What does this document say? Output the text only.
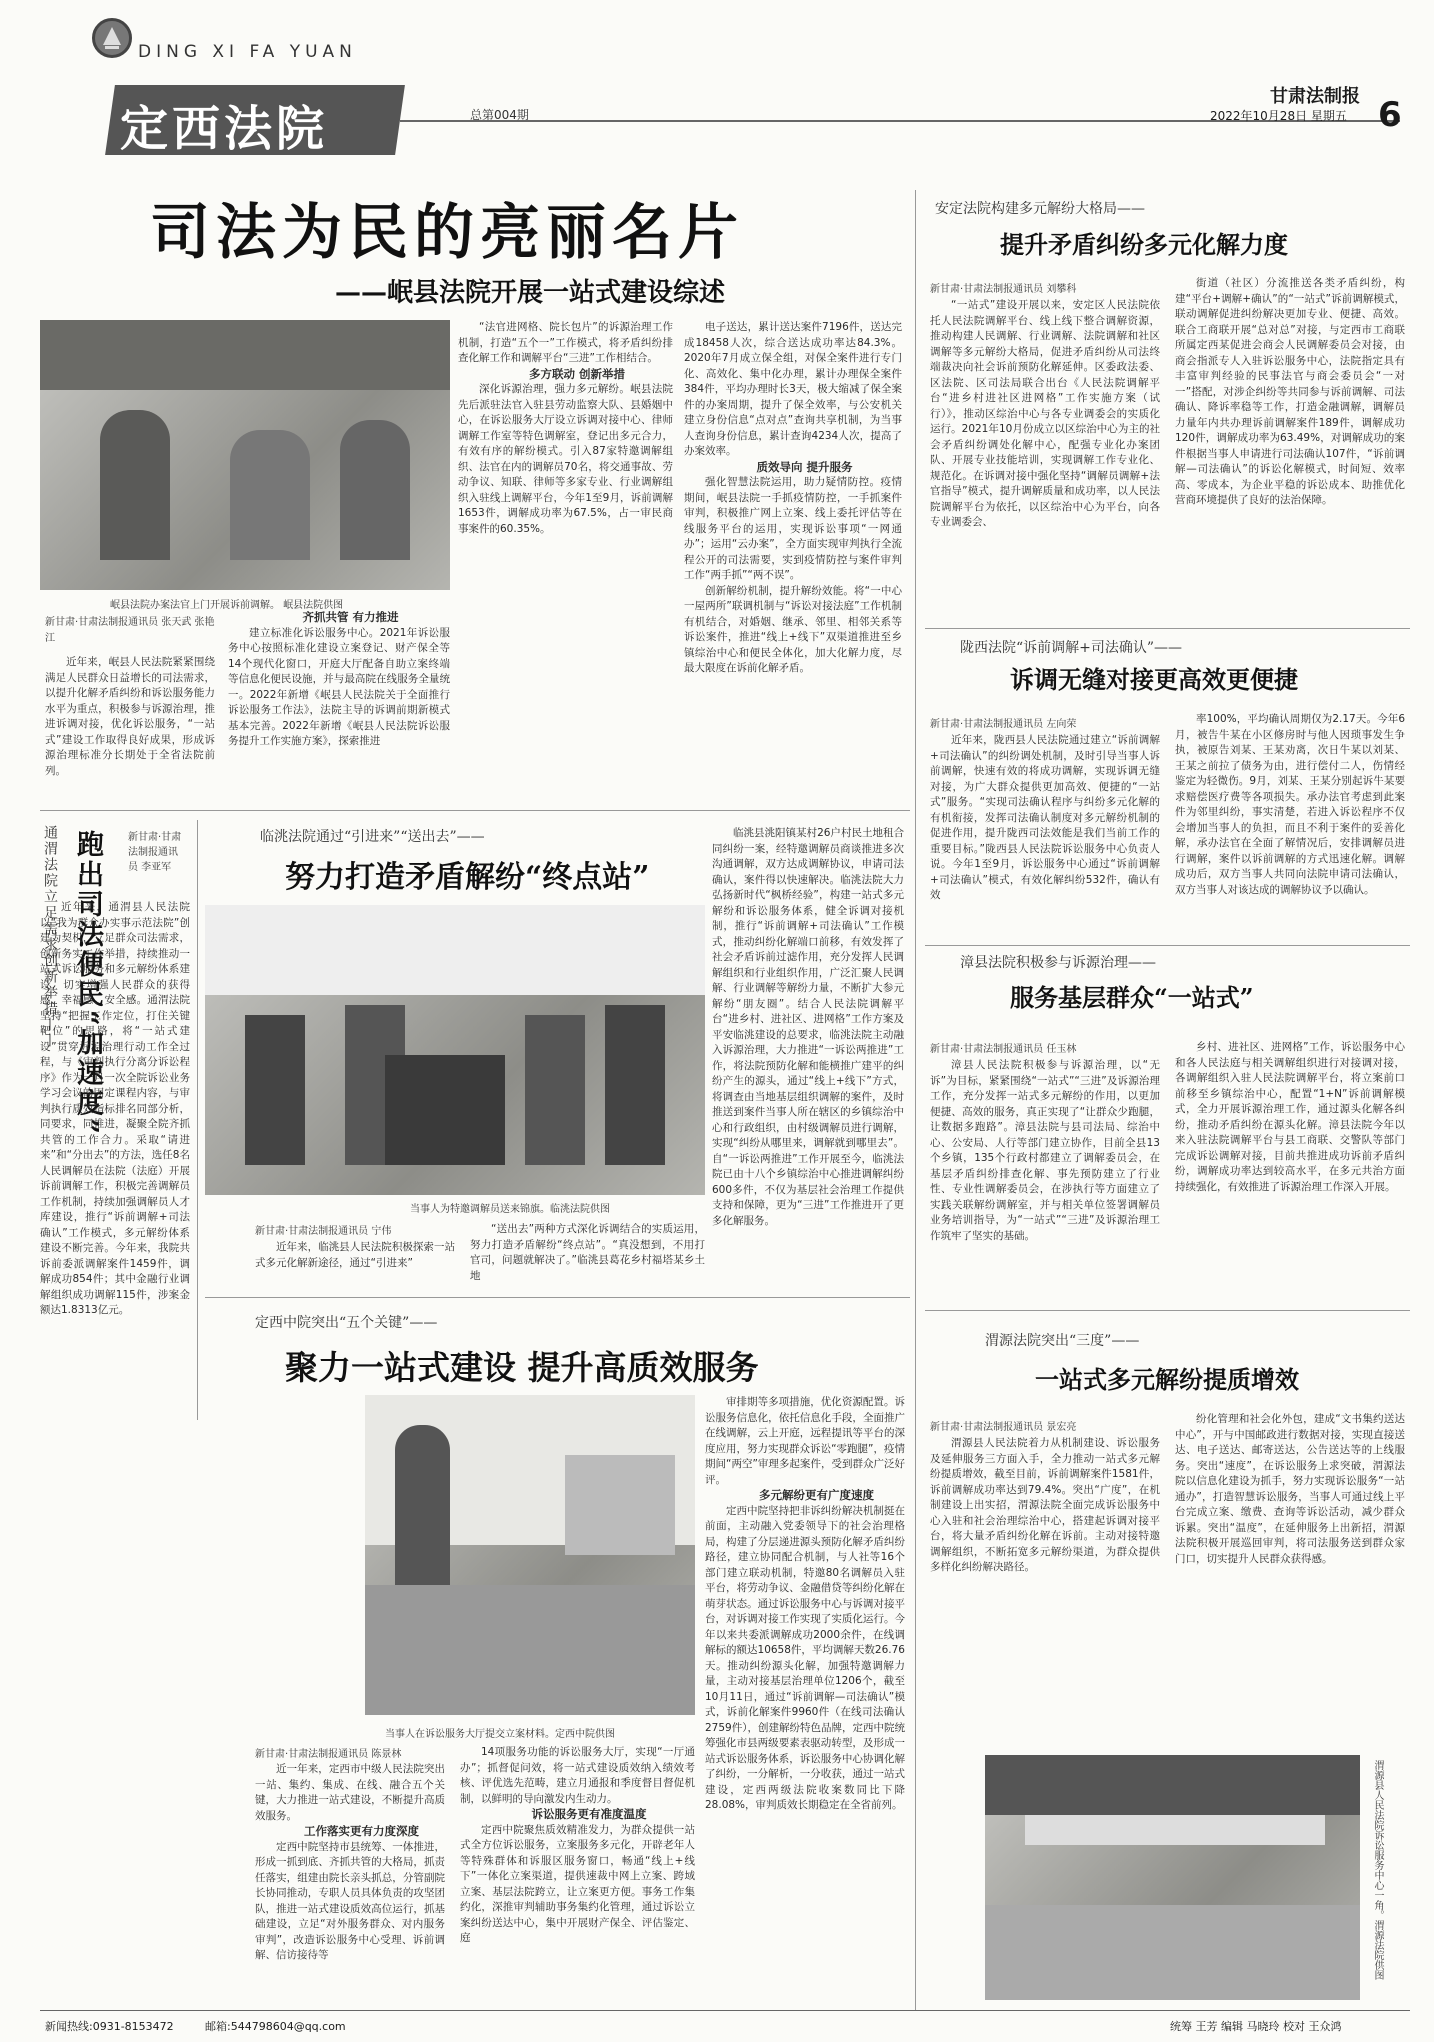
DING XI FA YUAN
定西法院	总第004期
甘肃法制报
2022年10月28日 星期五 6
司法为民的亮丽名片
——岷县法院开展一站式建设综述
岷县法院办案法官上门开展诉前调解。 岷县法院供图
新甘肃·甘肃法制报通讯员 张天武 张艳江

近年来，岷县人民法院紧紧围绕满足人民群众日益增长的司法需求，以提升化解矛盾纠纷和诉讼服务能力水平为重点，积极参与诉源治理，推进诉调对接，优化诉讼服务，“一站式”建设工作取得良好成果，形成诉源治理标准分长期处于全省法院前列。

齐抓共管 有力推进

建立标准化诉讼服务中心。2021年诉讼服务中心按照标准化建设立案登记、财产保全等14个现代化窗口，开庭大厅配备自助立案终端等信息化便民设施，并与最高院在线服务全量统一。2022年新增《岷县人民法院关于全面推行诉讼服务工作法》，法院主导的诉调前期新模式基本完善。2022年新增《岷县人民法院诉讼服务提升工作实施方案》，探索推进

“法官进网格、院长包片”的诉源治理工作机制，打造“五个一”工作模式，将矛盾纠纷排查化解工作和调解平台“三进”工作相结合。

多方联动 创新举措

深化诉源治理，强力多元解纷。岷县法院先后派驻法官入驻县劳动监察大队、县婚姻中心，在诉讼服务大厅设立诉调对接中心、律师调解工作室等特色调解室，登记出多元合力，有效有序的解纷模式。引入87家特邀调解组织、法官在内的调解员70名，将交通事故、劳动争议、知联、律师等多家专业、行业调解组织入驻线上调解平台，今年1至9月，诉前调解1653件，调解成功率为67.5%，占一审民商事案件的60.35%。

电子送达，累计送达案件7196件，送达完成18458人次，综合送达成功率达84.3%。2020年7月成立保全组，对保全案件进行专门化、高效化、集中化办理，累计办理保全案件384件，平均办理时长3天，极大缩减了保全案件的办案周期，提升了保全效率，与公安机关建立身份信息“点对点”查询共享机制，为当事人查询身份信息，累计查询4234人次，提高了办案效率。

质效导向 提升服务

强化智慧法院运用，助力疑情防控。疫情期间，岷县法院一手抓疫情防控，一手抓案件审判，积极推广网上立案、线上委托评估等在线服务平台的运用，实现诉讼事项“一网通办”；运用“云办案”，全方面实现审判执行全流程公开的司法需要，实到疫情防控与案件审判工作“两手抓”“两不误”。

创新解纷机制，提升解纷效能。将“一中心一屋两所”联调机制与“诉讼对接法庭”工作机制有机结合，对婚姻、继承、邻里、相邻关系等诉讼案件，推进“线上+线下”双渠道推进至乡镇综治中心和便民全体化，加大化解力度，尽最大限度在诉前化解矛盾。

通渭法院立足需求创新举措—— 跑出司法便民“加速度”	新甘肃·甘肃法制报通讯员 李亚军

近年来，通渭县人民法院以“我为群众办实事示范法院”创建为契机，立足群众司法需求，创新务实工作举措，持续推动一站式诉讼服务和多元解纷体系建设，切实增强人民群众的获得感、幸福感、安全感。通渭法院坚持“把握工作定位，打住关键靶位”的思路，将“一站式建设”贯穿诉源治理行动工作全过程，与《审判执行分离分诉讼程序》作为一月一次全院诉讼业务学习会议的固定课程内容，与审判执行质效指标排名同部分析，同要求，同推进，凝聚全院齐抓共管的工作合力。采取“请进来”和“分出去”的方法，选任8名人民调解员在法院（法庭）开展诉前调解工作，积极完善调解员工作机制，持续加强调解员人才库建设，推行“诉前调解+司法确认”工作模式，多元解纷体系建设不断完善。今年来，我院共诉前委派调解案件1459件，调解成功854件；其中金融行业调解组织成功调解115件，涉案金额达1.8313亿元。

临洮法院通过“引进来”“送出去”——
努力打造矛盾解纷“终点站”
当事人为特邀调解员送来锦旗。临洮法院供图
新甘肃·甘肃法制报通讯员 宁伟

近年来，临洮县人民法院积极探索一站式多元化解新途径，通过“引进来”

“送出去”两种方式深化诉调结合的实质运用，努力打造矛盾解纷“终点站”。“真没想到，不用打官司，问题就解决了。”临洮县葛花乡村福塔某乡土地

临洮县洮阳镇某村26户村民土地租合同纠纷一案，经特邀调解员商谈推进多次沟通调解，双方达成调解协议，申请司法确认，案件得以快速解决。临洮法院大力弘扬新时代“枫桥经验”，构建一站式多元解纷和诉讼服务体系，健全诉调对接机制，推行“诉前调解+司法确认”工作模式，推动纠纷化解端口前移，有效发挥了社会矛盾诉前过滤作用，充分发挥人民调解组织和行业组织作用，广泛汇聚人民调解、行业调解等解纷力量，不断扩大参元解纷“朋友圈”。结合人民法院调解平台“进乡村、进社区、进网格”工作方案及平安临洮建设的总要求，临洮法院主动融入诉源治理，大力推进“一诉讼两推进”工作，将法院预防化解和能横推广建平的纠纷产生的源头，通过“线上+线下”方式，将调查由当地基层组织调解的案件，及时推送到案件当事人所在辖区的乡镇综治中心和行政组织，由村级调解员进行调解，实现“纠纷从哪里来，调解就到哪里去”。自“一诉讼两推进”工作开展至今，临洮法院已由十八个乡镇综治中心推进调解纠纷600多件，不仅为基层社会治理工作提供支持和保障，更为“三进”工作推进开了更多化解服务。

定西中院突出“五个关键”——
聚力一站式建设 提升高质效服务
当事人在诉讼服务大厅提交立案材料。定西中院供图
新甘肃·甘肃法制报通讯员 陈景林

近一年来，定西市中级人民法院突出一站、集约、集成、在线、融合五个关键，大力推进一站式建设，不断提升高质效服务。

工作落实更有力度深度

定西中院坚持市县统筹、一体推进，形成一抓到底、齐抓共管的大格局，抓责任落实，组建由院长亲头抓总，分管副院长协同推动，专职人员具体负责的攻坚团队，推进一站式建设质效高位运行，抓基础建设，立足“对外服务群众、对内服务审判”，改造诉讼服务中心受理、诉前调解、信访接待等

14项服务功能的诉讼服务大厅，实现“一厅通办”；抓督促问效，将一站式建设质效纳入绩效考核、评优选先范畴，建立月通报和季度督目督促机制，以鲜明的导向激发内生动力。

诉讼服务更有准度温度

定西中院聚焦质效精准发力，为群众提供一站式全方位诉讼服务，立案服务多元化，开辟老年人等特殊群体和诉服区服务窗口，畅通“线上+线下”一体化立案渠道，提供速裁中网上立案、跨域立案、基层法院跨立，让立案更方便。事务工作集约化，深推审判辅助事务集约化管理，通过诉讼立案纠纷送达中心，集中开展财产保全、评估鉴定、庭

审排期等多项措施，优化资源配置。诉讼服务信息化，依托信息化手段，全面推广在线调解，云上开庭，远程提讯等平台的深度应用，努力实现群众诉讼“零跑腿”，疫情期间“两空”审理多起案件，受到群众广泛好评。

多元解纷更有广度速度

定西中院坚持把非诉纠纷解决机制挺在前面，主动融入党委领导下的社会治理格局，构建了分层递进源头预防化解矛盾纠纷路径，建立协同配合机制，与人社等16个部门建立联动机制，特邀80名调解员入驻平台，将劳动争议、金融借贷等纠纷化解在萌芽状态。通过诉讼服务中心与诉调对接平台，对诉调对接工作实现了实质化运行。今年以来共委派调解成功2000余件，在线调解标的额达10658件，平均调解天数26.76天。推动纠纷源头化解，加强特邀调解力量，主动对接基层治理单位1206个，截至10月11日，通过“诉前调解—司法确认”模式，诉前化解案件9960件（在线司法确认2759件），创建解纷特色品牌，定西中院统筹强化市县两级要素表驱动转型，及形成一站式诉讼服务体系，诉讼服务中心协调化解了纠纷，一分解析，一分收获，通过一站式建设，定西两级法院收案数同比下降28.08%，审判质效长期稳定在全省前列。

安定法院构建多元解纷大格局——
提升矛盾纠纷多元化解力度
新甘肃·甘肃法制报通讯员 刘攀科

“一站式”建设开展以来，安定区人民法院依托人民法院调解平台、线上线下整合调解资源，推动构建人民调解、行业调解、法院调解和社区调解等多元解纷大格局，促进矛盾纠纷从司法终端裁决向社会诉前预防化解延伸。区委政法委、区法院、区司法局联合出台《人民法院调解平台“进乡村进社区进网格”工作实施方案（试行）》，推动区综治中心与各专业调委会的实质化运行。2021年10月份成立以区综治中心为主的社会矛盾纠纷调处化解中心，配强专业化办案团队、开展专业技能培训，实现调解工作专业化、规范化。在诉调对接中强化坚持“调解员调解+法官指导”模式，提升调解质量和成功率，以人民法院调解平台为依托，以区综治中心为平台，向各专业调委会、

街道（社区）分流推送各类矛盾纠纷，构建“平台+调解+确认”的“一站式”诉前调解模式，联动调解促进纠纷解决更加专业、便捷、高效。联合工商联开展“总对总”对接，与定西市工商联所属定西某促进会商会人民调解委员会对接，由商会指派专人入驻诉讼服务中心，法院指定具有丰富审判经验的民事法官与商会委员会“一对一”搭配，对涉企纠纷等共同参与诉前调解、司法确认、降诉率稳等工作，打造金融调解，调解员力量年内共办理诉前调解案件189件，调解成功120件，调解成功率为63.49%，对调解成功的案件根据当事人申请进行司法确认107件，“诉前调解—司法确认”的诉讼化解模式，时间短、效率高、零成本，为企业平稳的诉讼成本、助推优化营商环境提供了良好的法治保障。

陇西法院“诉前调解+司法确认”——
诉调无缝对接更高效更便捷
新甘肃·甘肃法制报通讯员 左向荣

近年来，陇西县人民法院通过建立“诉前调解+司法确认”的纠纷调处机制，及时引导当事人诉前调解，快速有效的将成功调解，实现诉调无缝对接，为广大群众提供更加高效、便捷的“一站式”服务。“实现司法确认程序与纠纷多元化解的有机衔接，发挥司法确认制度对多元解纷机制的促进作用，提升陇西司法效能是我们当前工作的重要目标。”陇西县人民法院诉讼服务中心负责人说。今年1至9月，诉讼服务中心通过“诉前调解+司法确认”模式，有效化解纠纷532件，确认有效

率100%，平均确认周期仅为2.17天。今年6月，被告牛某在小区修房时与他人因琐事发生争执，被原告刘某、王某劝离，次日牛某以刘某、王某之前拉了债务为由，进行偿付二人，伤情经鉴定为轻微伤。9月，刘某、王某分别起诉牛某要求赔偿医疗费等各项损失。承办法官考虑到此案件为邻里纠纷，事实清楚，若进入诉讼程序不仅会增加当事人的负担，而且不利于案件的妥善化解，承办法官在全面了解情况后，安排调解员进行调解，案件以诉前调解的方式迅速化解。调解成功后，双方当事人共同向法院申请司法确认，双方当事人对该达成的调解协议予以确认。

漳县法院积极参与诉源治理——
服务基层群众“一站式”
新甘肃·甘肃法制报通讯员 任玉林

漳县人民法院积极参与诉源治理，以“无诉”为目标，紧紧围绕“一站式”“三进”及诉源治理工作，充分发挥一站式多元解纷的作用，以更加便捷、高效的服务，真正实现了“让群众少跑腿，让数据多跑路”。漳县法院与县司法局、综治中心、公安局、人行等部门建立协作，目前全县13个乡镇，135个行政村都建立了调解委员会，在基层矛盾纠纷排查化解、事先预防建立了行业性、专业性调解委员会，在涉执行等方面建立了实践关联解纷调解室，并与相关单位签署调解员业务培训指导，为“一站式”“三进”及诉源治理工作筑牢了坚实的基础。

乡村、进社区、进网格”工作，诉讼服务中心和各人民法庭与相关调解组织进行对接调对接，各调解组织入驻人民法院调解平台，将立案前口前移至乡镇综治中心，配置“1+N”诉前调解模式，全力开展诉源治理工作，通过源头化解各纠纷，推动矛盾纠纷在源头化解。漳县法院今年以来入驻法院调解平台与县工商联、交警队等部门完成诉讼调解对接，目前共推进成功诉前矛盾纠纷，调解成功率达到较高水平，在多元共治方面持续强化，有效推进了诉源治理工作深入开展。

渭源法院突出“三度”——
一站式多元解纷提质增效
新甘肃·甘肃法制报通讯员 景宏亮

渭源县人民法院着力从机制建设、诉讼服务及延伸服务三方面入手，全力推动一站式多元解纷提质增效，截至目前，诉前调解案件1581件，诉前调解成功率达到79.4%。突出“广度”，在机制建设上出实招，渭源法院全面完成诉讼服务中心入驻和社会治理综治中心，搭建起诉调对接平台，将大量矛盾纠纷化解在诉前。主动对接特邀调解组织，不断拓宽多元解纷渠道，为群众提供多样化纠纷解决路径。

纷化管理和社会化外包，建成“文书集约送达中心”，开与中国邮政进行数据对接，实现直接送达、电子送达、邮寄送达，公告送达等的上线服务。突出“速度”，在诉讼服务上求突破，渭源法院以信息化建设为抓手，努力实现诉讼服务“一站通办”，打造智慧诉讼服务，当事人可通过线上平台完成立案、缴费、查询等诉讼活动，减少群众诉累。突出“温度”，在延伸服务上出新招，渭源法院积极开展巡回审判，将司法服务送到群众家门口，切实提升人民群众获得感。

渭源县人民法院诉讼服务中心一角。渭源法院供图
新闻热线:0931-8153472	邮箱:544798604@qq.com	统筹 王芳 编辑 马晓玲 校对 王众鸿
